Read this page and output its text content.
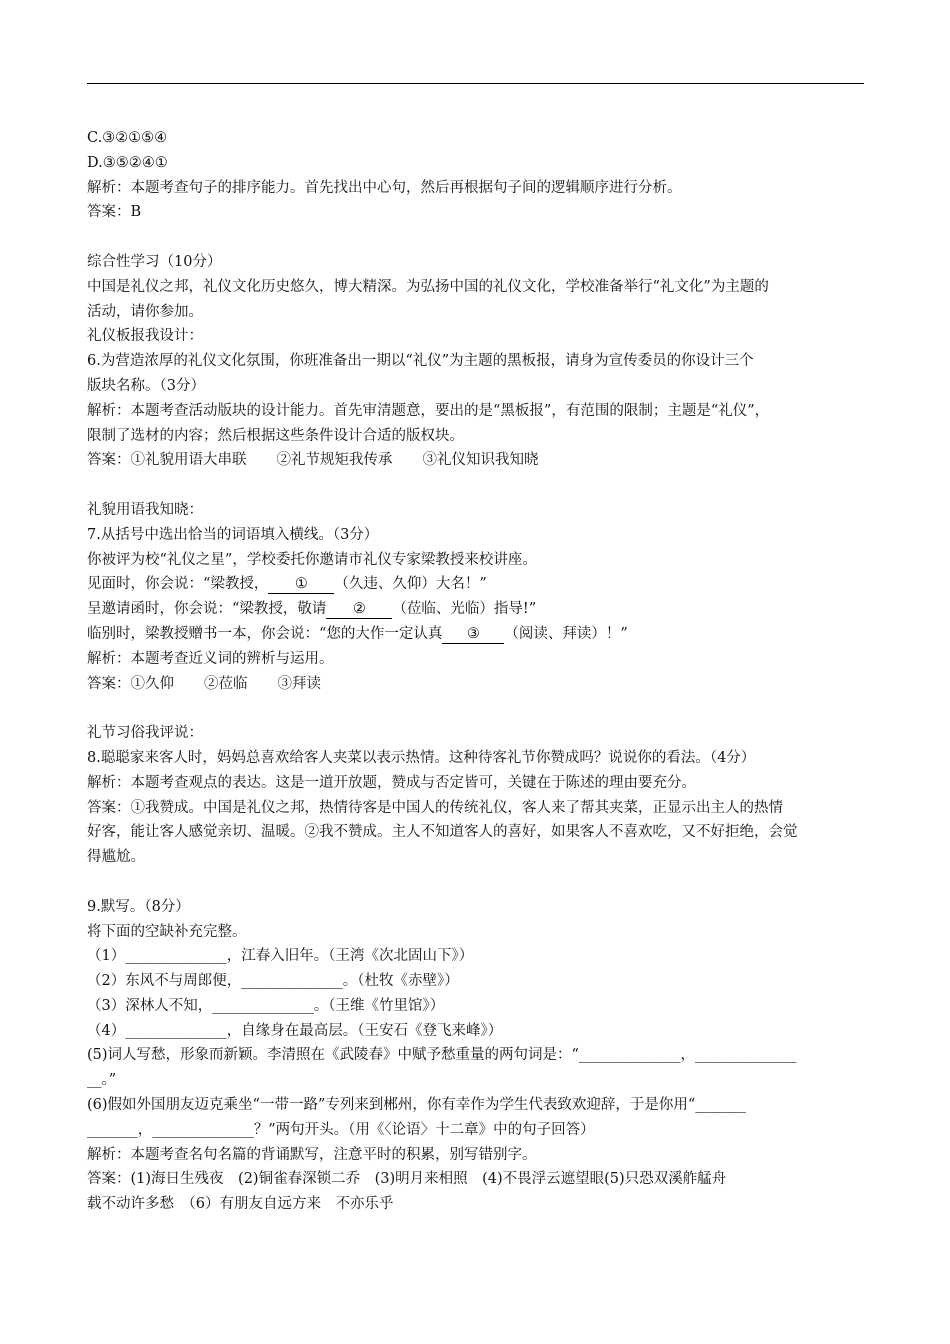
C.③②①⑤④

D.③⑤②④①

解析：本题考查句子的排序能力。首先找出中心句，然后再根据句子间的逻辑顺序进行分析。

答案：B

综合性学习（10分）

中国是礼仪之邦，礼仪文化历史悠久，博大精深。为弘扬中国的礼仪文化，学校准备举行“礼文化”为主题的

活动，请你参加。

礼仪板报我设计：

6.为营造浓厚的礼仪文化氛围，你班准备出一期以“礼仪”为主题的黑板报，请身为宣传委员的你设计三个

版块名称。（3分）

解析：本题考查活动版块的设计能力。首先审清题意，要出的是“黑板报”，有范围的限制；主题是“礼仪”，

限制了选材的内容；然后根据这些条件设计合适的版权块。

答案：①礼貌用语大串联 ②礼节规矩我传承 ③礼仪知识我知晓

礼貌用语我知晓：

7.从括号中选出恰当的词语填入横线。（3分）

你被评为校“礼仪之星”，学校委托你邀请市礼仪专家梁教授来校讲座。

见面时，你会说：“梁教授， ① （久违、久仰）大名！”

呈邀请函时，你会说：“梁教授，敬请 ② （莅临、光临）指导!”

临别时，梁教授赠书一本，你会说：“您的大作一定认真 ③ （阅读、拜读）！”

解析：本题考查近义词的辨析与运用。

答案：①久仰 ②莅临 ③拜读

礼节习俗我评说：

8.聪聪家来客人时，妈妈总喜欢给客人夹菜以表示热情。这种待客礼节你赞成吗？说说你的看法。（4分）

解析：本题考查观点的表达。这是一道开放题，赞成与否定皆可，关键在于陈述的理由要充分。

答案：①我赞成。中国是礼仪之邦，热情待客是中国人的传统礼仪，客人来了帮其夹菜，正显示出主人的热情

好客，能让客人感觉亲切、温暖。②我不赞成。主人不知道客人的喜好，如果客人不喜欢吃，又不好拒绝，会觉

得尴尬。

9.默写。（8分）

将下面的空缺补充完整。

（1）______________，江春入旧年。（王湾《次北固山下》）

（2）东风不与周郎便，______________。（杜牧《赤壁》）

（3）深林人不知，______________。（王维《竹里馆》）

（4）______________，自缘身在最高层。（王安石《登飞来峰》）

(5)词人写愁，形象而新颖。李清照在《武陵春》中赋予愁重量的两句词是：“______________，______________

__。”

(6)假如外国朋友迈克乘坐“一带一路”专列来到郴州，你有幸作为学生代表致欢迎辞，于是你用“_______

_______，______________？”两句开头。（用《〈论语〉十二章》中的句子回答）

解析：本题考查名句名篇的背诵默写，注意平时的积累，别写错别字。

答案：(1)海日生残夜　(2)铜雀春深锁二乔　(3)明月来相照　(4)不畏浮云遮望眼(5)只恐双溪舴艋舟

载不动许多愁　（6）有朋友自远方来　不亦乐乎
